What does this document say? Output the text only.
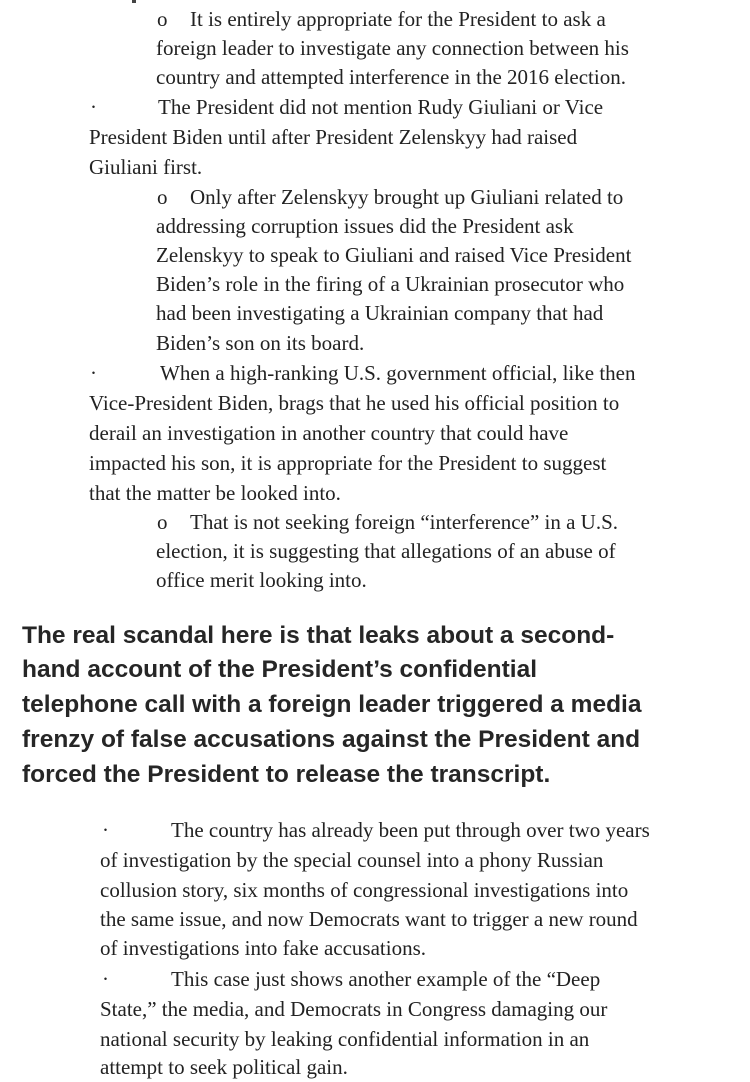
o It is entirely appropriate for the President to ask a
foreign leader to investigate any connection between his
country and attempted interference in the 2016 election.
·	The President did not mention Rudy Giuliani or Vice
President Biden until after President Zelenskyy had raised
Giuliani first.
o Only after Zelenskyy brought up Giuliani related to
addressing corruption issues did the President ask
Zelenskyy to speak to Giuliani and raised Vice President
Biden’s role in the firing of a Ukrainian prosecutor who
had been investigating a Ukrainian company that had
Biden’s son on its board.
·	When a high-ranking U.S. government official, like then
Vice-President Biden, brags that he used his official position to
derail an investigation in another country that could have
impacted his son, it is appropriate for the President to suggest
that the matter be looked into.
o That is not seeking foreign “interference” in a U.S.
election, it is suggesting that allegations of an abuse of
office merit looking into.
The real scandal here is that leaks about a second-
hand account of the President’s confidential
telephone call with a foreign leader triggered a media
frenzy of false accusations against the President and
forced the President to release the transcript.
·	The country has already been put through over two years
of investigation by the special counsel into a phony Russian
collusion story, six months of congressional investigations into
the same issue, and now Democrats want to trigger a new round
of investigations into fake accusations.
·	This case just shows another example of the “Deep
State,” the media, and Democrats in Congress damaging our
national security by leaking confidential information in an
attempt to seek political gain.
